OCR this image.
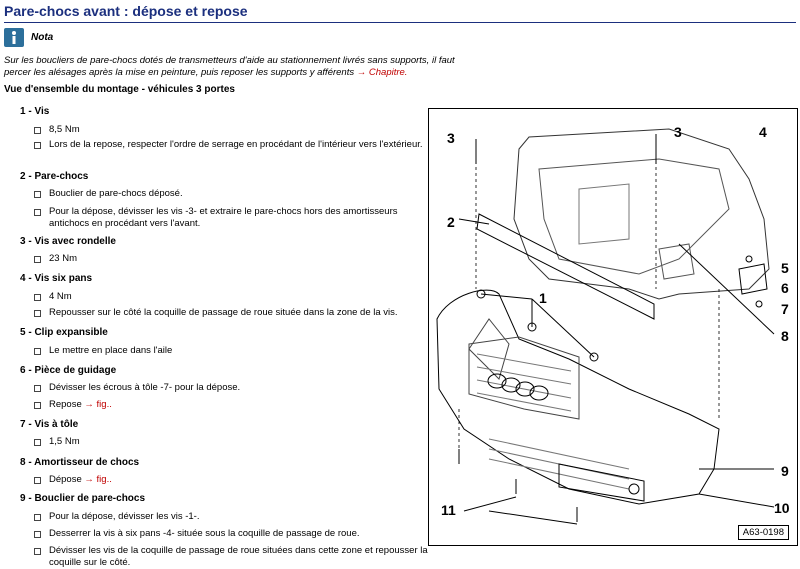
Pare-chocs avant : dépose et repose
Nota
Sur les boucliers de pare-chocs dotés de transmetteurs d'aide au stationnement livrés sans supports, il faut percer les alésages après la mise en peinture, puis reposer les supports y afférents → Chapitre.
Vue d'ensemble du montage - véhicules 3 portes
1 - Vis
8,5 Nm
Lors de la repose, respecter l'ordre de serrage en procédant de l'intérieur vers l'extérieur.
2 - Pare-chocs
Bouclier de pare-chocs déposé.
Pour la dépose, dévisser les vis -3- et extraire le pare-chocs hors des amortisseurs antichocs en procédant vers l'avant.
3 - Vis avec rondelle
23 Nm
4 - Vis six pans
4 Nm
Repousser sur le côté la coquille de passage de roue située dans la zone de la vis.
5 - Clip expansible
Le mettre en place dans l'aile
6 - Pièce de guidage
Dévisser les écrous à tôle -7- pour la dépose.
Repose → fig..
7 - Vis à tôle
1,5 Nm
8 - Amortisseur de chocs
Dépose → fig..
9 - Bouclier de pare-chocs
Pour la dépose, dévisser les vis -1-.
Desserrer la vis à six pans -4- située sous la coquille de passage de roue.
Dévisser les vis de la coquille de passage de roue situées dans cette zone et repousser la coquille sur le côté.
1
2
3	3	4
5
6
7
8
9
10
11
A63-0198
